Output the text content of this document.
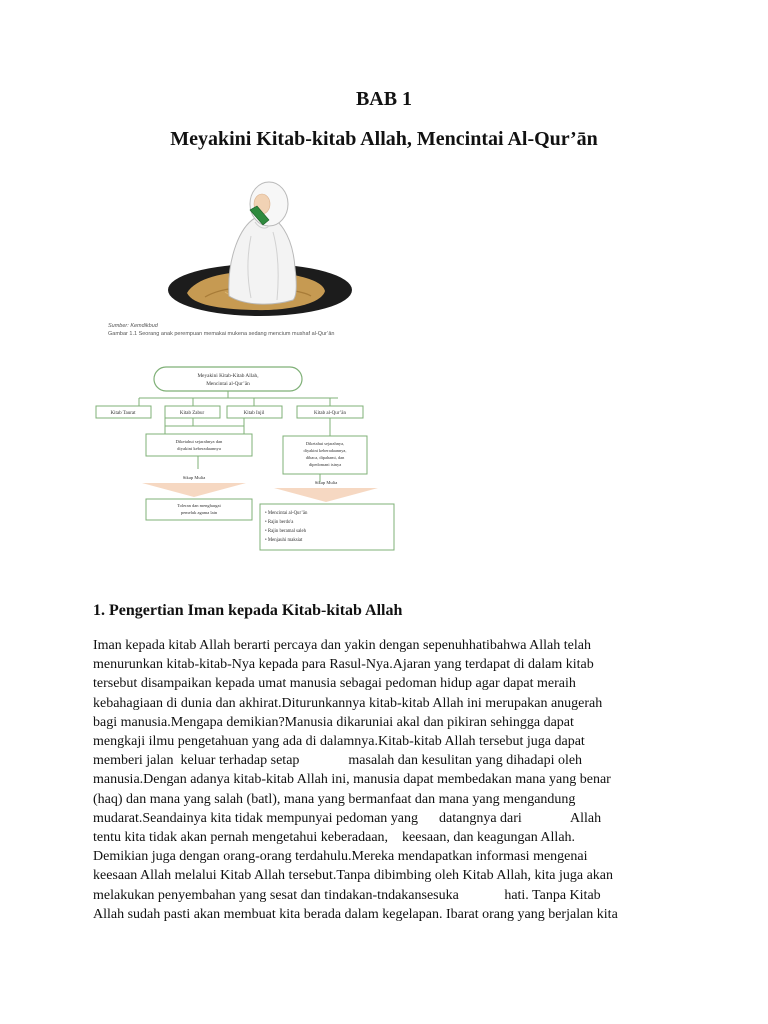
BAB 1
Meyakini Kitab-kitab Allah, Mencintai Al-Qur’ān
Sumber: Kemdikbud
Gambar 1.1 Seorang anak perempuan memakai mukena sedang mencium mushaf al-Qur’ān
Meyakini Kitab-Kitab Allah,
Mencintai al-Qur’ān
Kitab Taurat	Kitab Zabur	Kitab Injil	Kitab al-Qur’ān
Diketahui sejarahnya dan
diyakini keberadaannya
Diketahui sejarahnya,
diyakini keberadaannya,
dibaca, dipahami, dan
dipedomani isinya
Sikap Mulia
Sikap Mulia
Toleran dan menghargai
pemeluk agama lain	• Mencintai al-Qur’ān
• Rajin berdo'a
• Rajin beramal saleh
• Menjauhi maksiat
1. Pengertian Iman kepada Kitab-kitab Allah
Iman kepada kitab Allah berarti percaya dan yakin dengan sepenuhhatibahwa Allah telah
menurunkan kitab-kitab-Nya kepada para Rasul-Nya.Ajaran yang terdapat di dalam kitab
tersebut disampaikan kepada umat manusia sebagai pedoman hidup agar dapat meraih
kebahagiaan di dunia dan akhirat.Diturunkannya kitab-kitab Allah ini merupakan anugerah
bagi manusia.Mengapa demikian?Manusia dikaruniai akal dan pikiran sehingga dapat
mengkaji ilmu pengetahuan yang ada di dalamnya.Kitab-kitab Allah tersebut juga dapat
memberi jalan  keluar terhadap setap              masalah dan kesulitan yang dihadapi oleh
manusia.Dengan adanya kitab-kitab Allah ini, manusia dapat membedakan mana yang benar
(haq) dan mana yang salah (batl), mana yang bermanfaat dan mana yang mengandung
mudarat.Seandainya kita tidak mempunyai pedoman yang      datangnya dari              Allah
tentu kita tidak akan pernah mengetahui keberadaan,    keesaan, dan keagungan Allah.
Demikian juga dengan orang-orang terdahulu.Mereka mendapatkan informasi mengenai
keesaan Allah melalui Kitab Allah tersebut.Tanpa dibimbing oleh Kitab Allah, kita juga akan
melakukan penyembahan yang sesat dan tindakan-tndakansesuka             hati. Tanpa Kitab
Allah sudah pasti akan membuat kita berada dalam kegelapan. Ibarat orang yang berjalan kita
